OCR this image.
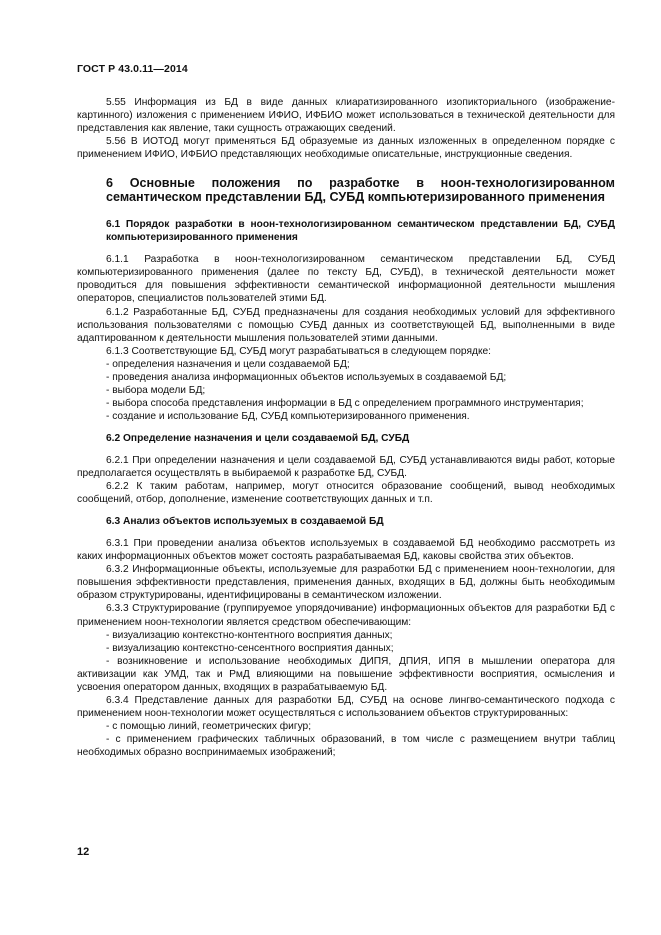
ГОСТ Р 43.0.11—2014

5.55 Информация из БД в виде данных клиаратизированного изопикториального (изображение-картинного) изложения с применением ИФИО, ИФБИО может использоваться в технической деятельности для представления как явление, таки сущность отражающих сведений.

5.56 В ИОТОД могут применяться БД образуемые из данных изложенных в определенном порядке с применением ИФИО, ИФБИО представляющих необходимые описательные, инструкционные сведения.

6 Основные положения по разработке в ноон-технологизированном семантическом представлении БД, СУБД компьютеризированного применения
6.1 Порядок разработки в ноон-технологизированном семантическом представлении БД, СУБД компьютеризированного применения

6.1.1 Разработка в ноон-технологизированном семантическом представлении БД, СУБД компьютеризированного применения (далее по тексту БД, СУБД), в технической деятельности может проводиться для повышения эффективности семантической информационной деятельности мышления операторов, специалистов пользователей этими БД.

6.1.2 Разработанные БД, СУБД предназначены для создания необходимых условий для эффективного использования пользователями с помощью СУБД данных из соответствующей БД, выполненными в виде адаптированном к деятельности мышления пользователей этими данными.

6.1.3 Соответствующие БД, СУБД могут разрабатываться в следующем порядке:

- определения назначения и цели создаваемой БД;

- проведения анализа информационных объектов используемых в создаваемой БД;

- выбора модели БД;

- выбора способа представления информации в БД с определением программного инструментария;

- создание и использование БД, СУБД компьютеризированного применения.

6.2 Определение назначения и цели создаваемой БД, СУБД

6.2.1 При определении назначения и цели создаваемой БД, СУБД устанавливаются виды работ, которые предполагается осуществлять в выбираемой к разработке БД, СУБД.

6.2.2 К таким работам, например, могут относится образование сообщений, вывод необходимых сообщений, отбор, дополнение, изменение соответствующих данных и т.п.

6.3 Анализ объектов используемых в создаваемой БД

6.3.1 При проведении анализа объектов используемых в создаваемой БД необходимо рассмотреть из каких информационных объектов может состоять разрабатываемая БД, каковы свойства этих объектов.

6.3.2 Информационные объекты, используемые для разработки БД с применением ноон-технологии, для повышения эффективности представления, применения данных, входящих в БД, должны быть необходимым образом структурированы, идентифицированы в семантическом изложении.

6.3.3 Структурирование (группируемое упорядочивание) информационных объектов для разработки БД с применением ноон-технологии является средством обеспечивающим:

- визуализацию контекстно-контентного восприятия данных;

- визуализацию контекстно-сенсентного восприятия данных;

- возникновение и использование необходимых ДИПЯ, ДПИЯ, ИПЯ в мышлении оператора для активизации как УМД, так и РмД влияющими на повышение эффективности восприятия, осмысления и усвоения оператором данных, входящих в разрабатываемую БД.

6.3.4 Представление данных для разработки БД, СУБД на основе лингво-семантического подхода с применением ноон-технологии может осуществляться с использованием объектов структурированных:

- с помощью линий, геометрических фигур;

- с применением графических табличных образований, в том числе с размещением внутри таблиц необходимых образно воспринимаемых изображений;

12
